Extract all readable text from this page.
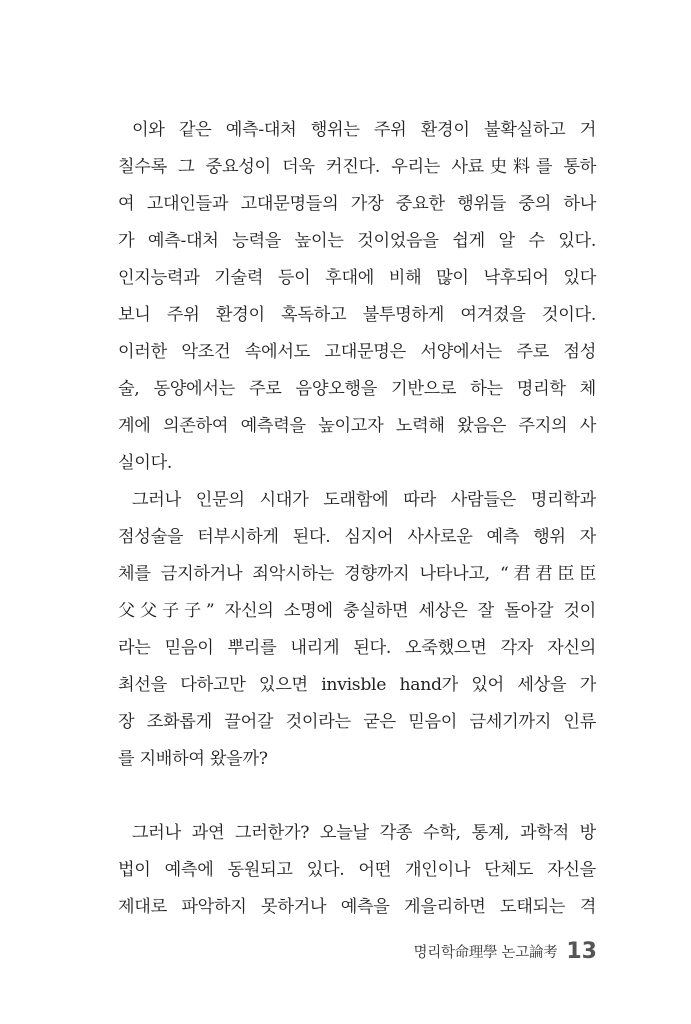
이와 같은 예측-대처 행위는 주위 환경이 불확실하고 거
칠수록 그 중요성이 더욱 커진다. 우리는 사료史料를 통하
여 고대인들과 고대문명들의 가장 중요한 행위들 중의 하나
가 예측-대처 능력을 높이는 것이었음을 쉽게 알 수 있다.
인지능력과 기술력 등이 후대에 비해 많이 낙후되어 있다
보니 주위 환경이 혹독하고 불투명하게 여겨졌을 것이다.
이러한 악조건 속에서도 고대문명은 서양에서는 주로 점성
술, 동양에서는 주로 음양오행을 기반으로 하는 명리학 체
계에 의존하여 예측력을 높이고자 노력해 왔음은 주지의 사
실이다.
그러나 인문의 시대가 도래함에 따라 사람들은 명리학과
점성술을 터부시하게 된다. 심지어 사사로운 예측 행위 자
체를 금지하거나 죄악시하는 경향까지 나타나고, “君君臣臣
父父子子” 자신의 소명에 충실하면 세상은 잘 돌아갈 것이
라는 믿음이 뿌리를 내리게 된다. 오죽했으면 각자 자신의
최선을 다하고만 있으면 invisble hand가 있어 세상을 가
장 조화롭게 끌어갈 것이라는 굳은 믿음이 금세기까지 인류
를 지배하여 왔을까?
그러나 과연 그러한가? 오늘날 각종 수학, 통계, 과학적 방
법이 예측에 동원되고 있다. 어떤 개인이나 단체도 자신을
제대로 파악하지 못하거나 예측을 게을리하면 도태되는 격
명리학命理學 논고論考 13
